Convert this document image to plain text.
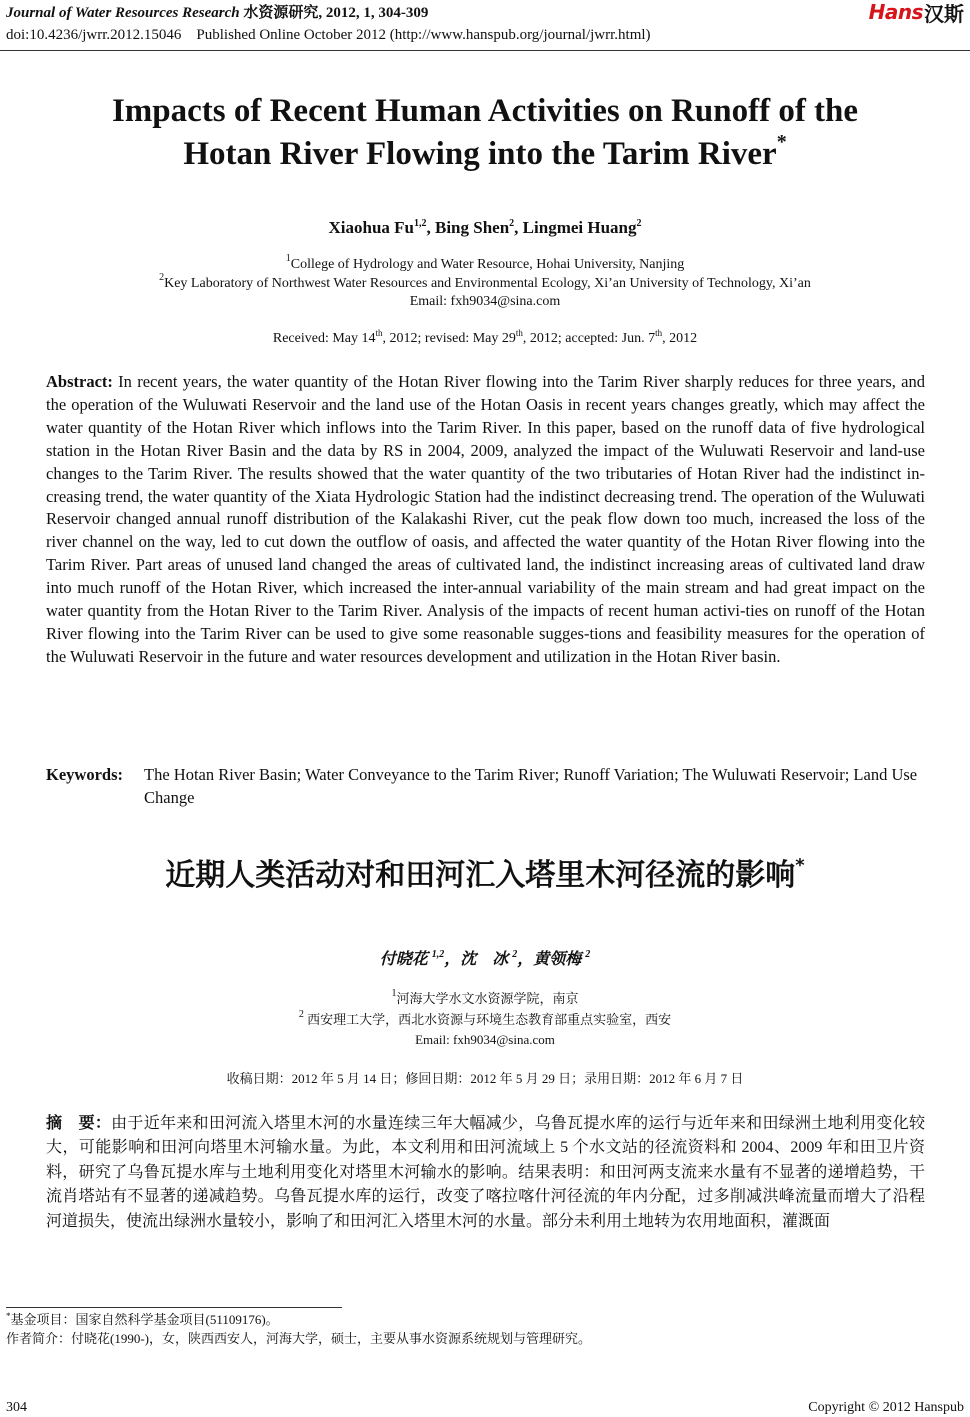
Journal of Water Resources Research 水资源研究, 2012, 1, 304-309
doi:10.4236/jwrr.2012.15046    Published Online October 2012 (http://www.hanspub.org/journal/jwrr.html)
Hans 汉斯
Impacts of Recent Human Activities on Runoff of the
Hotan River Flowing into the Tarim River*
Xiaohua Fu$^{1,2}$, Bing Shen$^2$, Lingmei Huang$^2$
$^1$College of Hydrology and Water Resource, Hohai University, Nanjing
$^2$Key Laboratory of Northwest Water Resources and Environmental Ecology, Xi’an University of Technology, Xi’an
Email: fxh9034@sina.com
Received: May 14th, 2012; revised: May 29th, 2012; accepted: Jun. 7th, 2012
Abstract: In recent years, the water quantity of the Hotan River flowing into the Tarim River sharply reduces for three years, and the operation of the Wuluwati Reservoir and the land use of the Hotan Oasis in recent years changes greatly, which may affect the water quantity of the Hotan River which inflows into the Tarim River. In this paper, based on the runoff data of five hydrological station in the Hotan River Basin and the data by RS in 2004, 2009, analyzed the impact of the Wuluwati Reservoir and land-use changes to the Tarim River. The results showed that the water quantity of the two tributaries of Hotan River had the indistinct in-creasing trend, the water quantity of the Xiata Hydrologic Station had the indistinct decreasing trend. The operation of the Wuluwati Reservoir changed annual runoff distribution of the Kalakashi River, cut the peak flow down too much, increased the loss of the river channel on the way, led to cut down the outflow of oasis, and affected the water quantity of the Hotan River flowing into the Tarim River. Part areas of unused land changed the areas of cultivated land, the indistinct increasing areas of cultivated land draw into much runoff of the Hotan River, which increased the inter-annual variability of the main stream and had great impact on the water quantity from the Hotan River to the Tarim River. Analysis of the impacts of recent human activi-ties on runoff of the Hotan River flowing into the Tarim River can be used to give some reasonable sugges-tions and feasibility measures for the operation of the Wuluwati Reservoir in the future and water resources development and utilization in the Hotan River basin.
Keywords: The Hotan River Basin; Water Conveyance to the Tarim River; Runoff Variation; The Wuluwati Reservoir; Land Use Change
近期人类活动对和田河汇入塔里木河径流的影响*
付晓花 $^{1,2}$，沈　冰 $^2$，黄领梅 $^2$
$^1$河海大学水文水资源学院，南京
$^2$ 西安理工大学，西北水资源与环境生态教育部重点实验室，西安
Email: fxh9034@sina.com
收稿日期：2012 年 5 月 14 日；修回日期：2012 年 5 月 29 日；录用日期：2012 年 6 月 7 日
摘　要：由于近年来和田河流入塔里木河的水量连续三年大幅减少，乌鲁瓦提水库的运行与近年来和田绿洲土地利用变化较大，可能影响和田河向塔里木河输水量。为此，本文利用和田河流域上 5 个水文站的径流资料和 2004、2009 年和田卫片资料，研究了乌鲁瓦提水库与土地利用变化对塔里木河输水的影响。结果表明：和田河两支流来水量有不显著的递增趋势，干流肖塔站有不显著的递减趋势。乌鲁瓦提水库的运行，改变了喀拉喀什河径流的年内分配，过多削减洪峰流量而增大了沿程河道损失，使流出绿洲水量较小，影响了和田河汇入塔里木河的水量。部分未利用土地转为农用地面积，灌溉面
*基金项目：国家自然科学基金项目(51109176)。
作者简介：付晓花(1990-)，女，陕西西安人，河海大学，硕士，主要从事水资源系统规划与管理研究。
304	Copyright © 2012 Hanspub
